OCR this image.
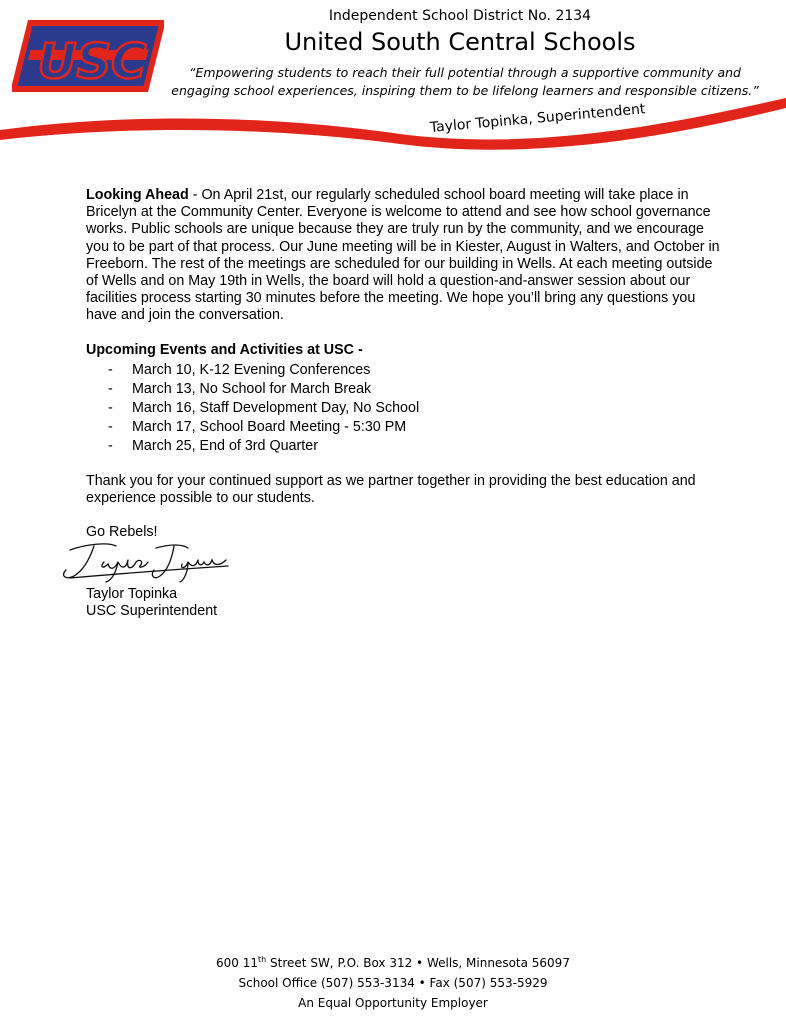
USC
Independent School District No. 2134
United South Central Schools
“Empowering students to reach their full potential through a supportive community and
engaging school experiences, inspiring them to be lifelong learners and responsible citizens.”
Taylor Topinka, Superintendent

Looking Ahead - On April 21st, our regularly scheduled school board meeting will take place in Bricelyn at the Community Center. Everyone is welcome to attend and see how school governance works. Public schools are unique because they are truly run by the community, and we encourage you to be part of that process. Our June meeting will be in Kiester, August in Walters, and October in Freeborn. The rest of the meetings are scheduled for our building in Wells. At each meeting outside of Wells and on May 19th in Wells, the board will hold a question-and-answer session about our facilities process starting 30 minutes before the meeting. We hope you’ll bring any questions you have and join the conversation.

Upcoming Events and Activities at USC -

- March 10, K-12 Evening Conferences
- March 13, No School for March Break
- March 16, Staff Development Day, No School
- March 17, School Board Meeting - 5:30 PM
- March 25, End of 3rd Quarter

Thank you for your continued support as we partner together in providing the best education and experience possible to our students.

Go Rebels!

Taylor Topinka
USC Superintendent
600 11th Street SW, P.O. Box 312 • Wells, Minnesota 56097
School Office (507) 553-3134 • Fax (507) 553-5929
An Equal Opportunity Employer
